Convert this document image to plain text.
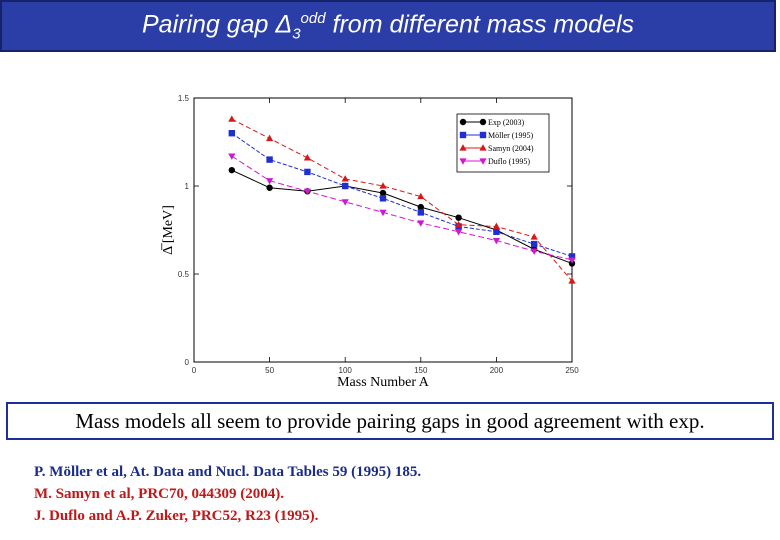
Pairing gap $\Delta_3^{odd}$ from different mass models
0	50	100	150	200	250
0
0.5
1
1.5
Δ̅ [MeV]
Mass Number A
Exp (2003)
Möller (1995)
Samyn (2004)
Duflo (1995)
Mass models all seem to provide pairing gaps in good agreement with exp.
P. Möller et al, At. Data and Nucl. Data Tables 59 (1995) 185.
M. Samyn et al, PRC70, 044309 (2004).
J. Duflo and A.P. Zuker, PRC52, R23 (1995).
